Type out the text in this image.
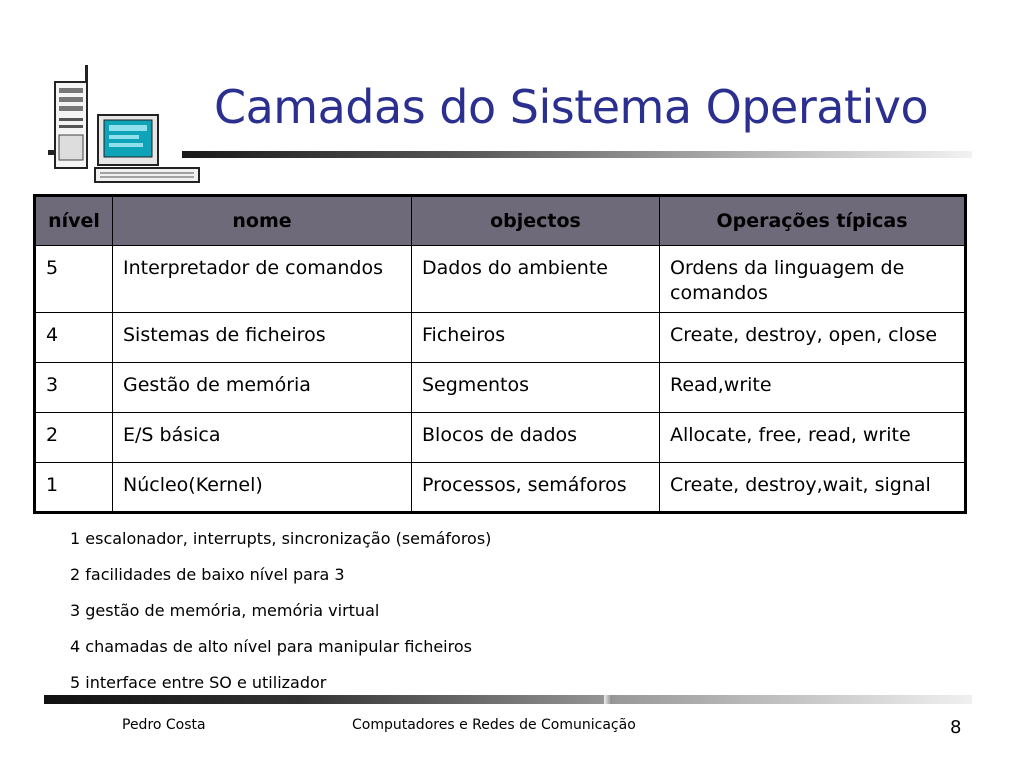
Camadas do Sistema Operativo
nível	nome	objectos	Operações típicas
5	Interpretador de comandos	Dados do ambiente	Ordens da linguagem de comandos
4	Sistemas de ficheiros	Ficheiros	Create, destroy, open, close
3	Gestão de memória	Segmentos	Read,write
2	E/S básica	Blocos de dados	Allocate, free, read, write
1	Núcleo(Kernel)	Processos, semáforos	Create, destroy,wait, signal
1 escalonador, interrupts, sincronização (semáforos)
2 facilidades de baixo nível para 3
3 gestão de memória, memória virtual
4 chamadas de alto nível para manipular ficheiros
5 interface entre SO e utilizador
Pedro Costa	Computadores e Redes de Comunicação	8
